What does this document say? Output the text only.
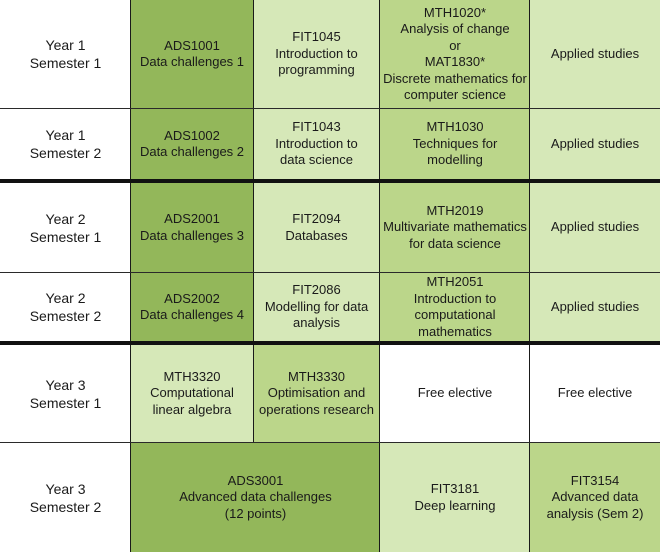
Year 1
Semester 1
ADS1001
Data challenges 1
FIT1045
Introduction to
programming
MTH1020*
Analysis of change
or
MAT1830*
Discrete mathematics for
computer science
Applied studies
Year 1
Semester 2
ADS1002
Data challenges 2
FIT1043
Introduction to
data science
MTH1030
Techniques for
modelling
Applied studies
Year 2
Semester 1
ADS2001
Data challenges 3
FIT2094
Databases
MTH2019
Multivariate mathematics
for data science
Applied studies
Year 2
Semester 2
ADS2002
Data challenges 4
FIT2086
Modelling for data
analysis
MTH2051
Introduction to
computational
mathematics
Applied studies
Year 3
Semester 1
MTH3320
Computational
linear algebra
MTH3330
Optimisation and
operations research
Free elective	Free elective
Year 3
Semester 2
ADS3001
Advanced data challenges
(12 points)
FIT3181
Deep learning
FIT3154
Advanced data
analysis (Sem 2)
